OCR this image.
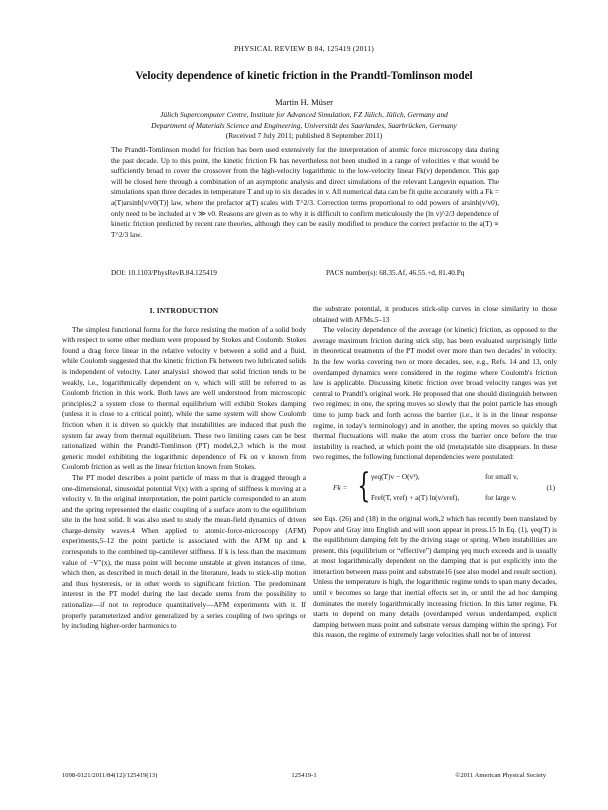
PHYSICAL REVIEW B 84, 125419 (2011)
Velocity dependence of kinetic friction in the Prandtl-Tomlinson model
Martin H. Müser
Jülich Supercomputer Centre, Institute for Advanced Simulation, FZ Jülich, Jülich, Germany and
Department of Materials Science and Engineering, Universität des Saarlandes, Saarbrücken, Germany
(Received 7 July 2011; published 8 September 2011)

The Prandtl-Tomlinson model for friction has been used extensively for the interpretation of atomic force microscopy data during the past decade. Up to this point, the kinetic friction Fk has nevertheless not been studied in a range of velocities v that would be sufficiently broad to cover the crossover from the high-velocity logarithmic to the low-velocity linear Fk(v) dependence. This gap will be closed here through a combination of an asymptotic analysis and direct simulations of the relevant Langevin equation. The simulations span three decades in temperature T and up to six decades in v. All numerical data can be fit quite accurately with a Fk = a(T)arsinh[v/v0(T)] law, where the prefactor a(T) scales with T^2/3. Correction terms proportional to odd powers of arsinh(v/v0), only need to be included at v ≫ v0. Reasons are given as to why it is difficult to confirm meticulously the (ln v)^2/3 dependence of kinetic friction predicted by recent rate theories, although they can be easily modified to produce the correct prefactor to the a(T) ∝ T^2/3 law.

DOI: 10.1103/PhysRevB.84.125419	PACS number(s): 68.35.Af, 46.55.+d, 81.40.Pq
I. INTRODUCTION

The simplest functional forms for the force resisting the motion of a solid body with respect to some other medium were proposed by Stokes and Coulomb. Stokes found a drag force linear in the relative velocity v between a solid and a fluid, while Coulomb suggested that the kinetic friction Fk between two lubricated solids is independent of velocity. Later analysis1 showed that solid friction tends to be weakly, i.e., logarithmically dependent on v, which will still be referred to as Coulomb friction in this work. Both laws are well understood from microscopic principles;2 a system close to thermal equilibrium will exhibit Stokes damping (unless it is close to a critical point), while the same system will show Coulomb friction when it is driven so quickly that instabilities are induced that push the system far away from thermal equilibrium. These two limiting cases can be best rationalized within the Prandtl-Tomlinson (PT) model,2,3 which is the most generic model exhibiting the logarithmic dependence of Fk on v known from Coulomb friction as well as the linear friction known from Stokes.

The PT model describes a point particle of mass m that is dragged through a one-dimensional, sinusoidal potential V(x) with a spring of stiffness k moving at a velocity v. In the original interpretation, the point particle corresponded to an atom and the spring represented the elastic coupling of a surface atom to the equilibrium site in the host solid. It was also used to study the mean-field dynamics of driven charge-density waves.4 When applied to atomic-force-microscopy (AFM) experiments,5–12 the point particle is associated with the AFM tip and k corresponds to the combined tip-cantilever stiffness. If k is less than the maximum value of −V″(x), the mass point will become unstable at given instances of time, which then, as described in much detail in the literature, leads to stick-slip motion and thus hysteresis, or in other words to significant friction. The predominant interest in the PT model during the last decade stems from the possibility to rationalize—if not to reproduce quantitatively—AFM experiments with it. If properly parameterized and/or generalized by a series coupling of two springs or by including higher-order harmonics to

the substrate potential, it produces stick-slip curves in close similarity to those obtained with AFMs.5–13

The velocity dependence of the average (or kinetic) friction, as opposed to the average maximum friction during stick slip, has been evaluated surprisingly little in theoretical treatments of the PT model over more than two decades' in velocity. In the few works covering two or more decades, see, e.g., Refs. 14 and 13, only overdamped dynamics were considered in the regime where Coulomb's friction law is applicable. Discussing kinetic friction over broad velocity ranges was yet central to Prandtl's original work. He proposed that one should distinguish between two regimes; in one, the spring moves so slowly that the point particle has enough time to jump back and forth across the barrier (i.e., it is in the linear response regime, in today's terminology) and in another, the spring moves so quickly that thermal fluctuations will make the atom cross the barrier once before the true instability is reached, at which point the old (meta)stable site disappears. In these two regimes, the following functional dependencies were postulated:

Fk = { γeq(T)v − O(v³),	for small v,
Fref(T, vref) + a(T) ln(v/vref),	for large v.
(1)

see Eqs. (26) and (18) in the original work,2 which has recently been translated by Popov and Gray into English and will soon appear in press.15 In Eq. (1), γeq(T) is the equilibrium damping felt by the driving stage or spring. When instabilities are present, this (equilibrium or “effective”) damping γeq much exceeds and is usually at most logarithmically dependent on the damping that is put explicitly into the interaction between mass point and substrate16 (see also model and result section). Unless the temperature is high, the logarithmic regime tends to span many decades, until v becomes so large that inertial effects set in, or until the ad hoc damping dominates the merely logarithmically increasing friction. In this latter regime, Fk starts to depend on many details (overdamped versus underdamped, explicit damping between mass point and substrate versus damping within the spring). For this reason, the regime of extremely large velocities shall not be of interest

1098-0121/2011/84(12)/125419(13)	125419-1	©2011 American Physical Society
